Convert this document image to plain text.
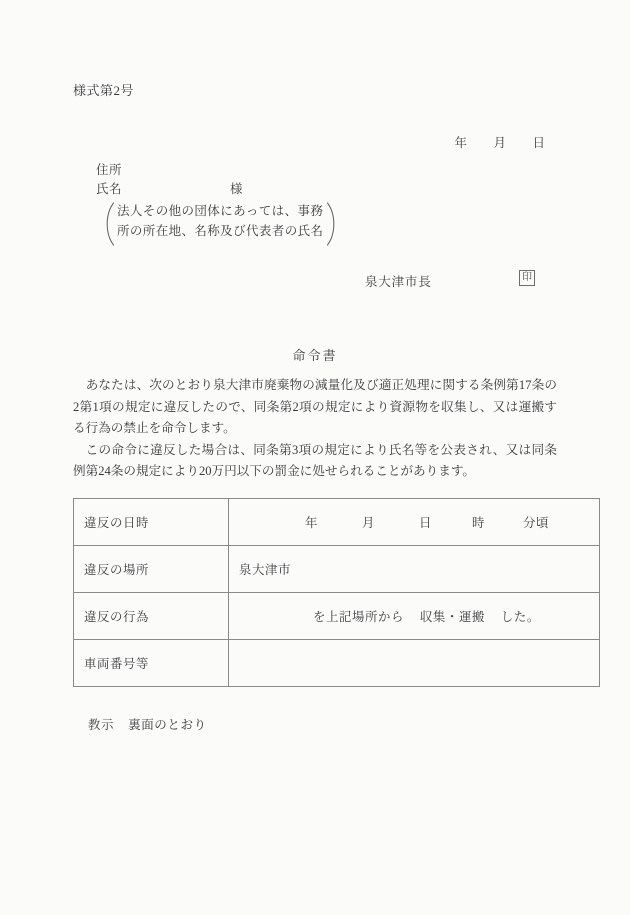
様式第2号

年 月 日

住所
氏名	様
法人その他の団体にあっては、事務
所の所在地、名称及び代表者の氏名
泉大津市長	印
命令書

あなたは、次のとおり泉大津市廃棄物の減量化及び適正処理に関する条例第17条の2第1項の規定に違反したので、同条第2項の規定により資源物を収集し、又は運搬する行為の禁止を命令します。

この命令に違反した場合は、同条第3項の規定により氏名等を公表され、又は同条例第24条の規定により20万円以下の罰金に処せられることがあります。

違反の日時	年 月 日 時 分頃
違反の場所	泉大津市
違反の行為	を上記場所から 収集・運搬 した。
車両番号等	

教示 裏面のとおり
